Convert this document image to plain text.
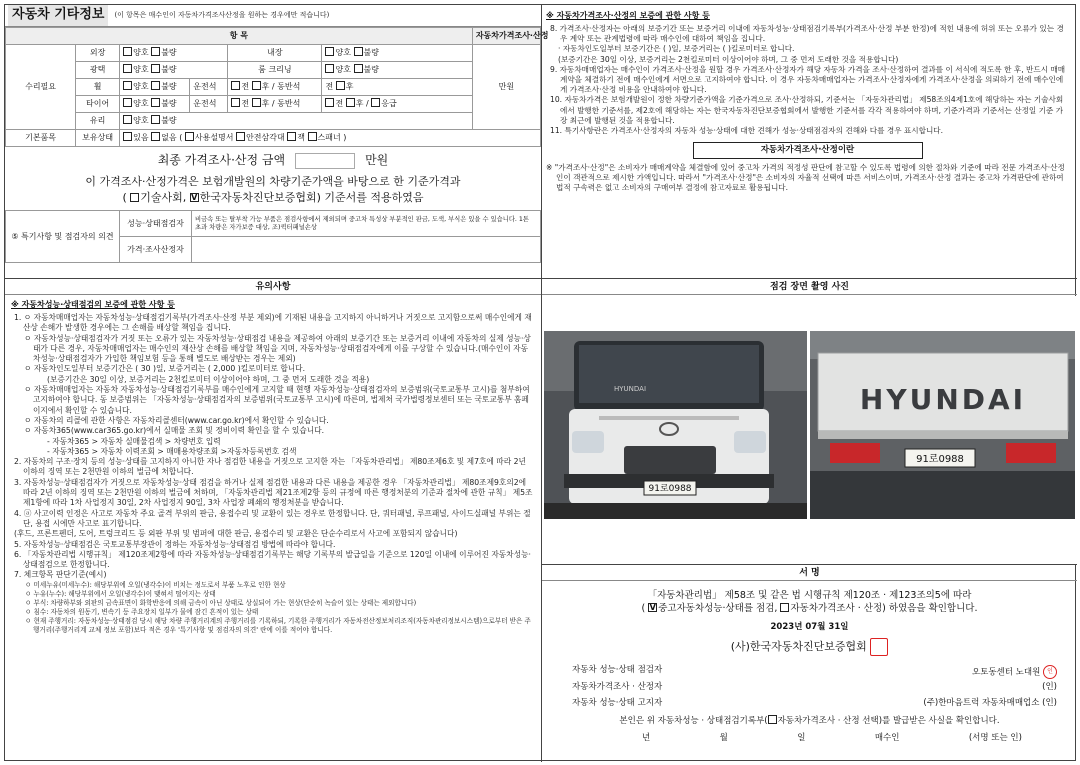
자동차 기타정보	(이 항목은 매수인이 자동차가격조사산정을 원하는 경우에만 적습니다)
항 목						자동차가격조사·산정
수리필요	외장	양호 불량		내장	양호 불량	만원
	광택	양호 불량		룸 크리닝	양호 불량	
	휠	양호 불량	운전석	전 후 / 동반석	전 후	
	타이어	양호 불량	운전석	전 후 / 동반석	전 후 / 응급	
	유리	양호 불량				
기본품목	보유상태	있음 없음 ( 사용설명서 안전삼각대 잭 스패너 )				
최종 가격조사·산정 금액	만원
이 가격조사·산정가격은 보험개발원의 차량기준가액을 바탕으로 한 기준가격과
( 기술사회, V 한국자동차진단보증협회) 기준서를 적용하였음
⑤ 특기사항 및 점검자의 의견	성능·상태점검자	비금속 또는 탈부착 가능 부품은 점검사항에서 제외되며 중고차 특성상 부분적인 판금, 도색, 부식은 있을 수 있습니다. 1톤 초과 차량은 자가보증 대상, 조)퀵터패널손상
	가격·조사산정자	
※ 자동차가격조사·산정의 보증에 관한 사항 등
8. 가격조사·산정자는 아래의 보증기간 또는 보증거리 이내에 자동차성능·상태점검기록부(가격조사·산정 부분 한정)에 적힌 내용에 허위 또는 오류가 있는 경우 계약 또는 관계법령에 따라 매수인에 대하여 책임을 집니다.
· 자동차인도일부터 보증기간은 ( )일, 보증거리는 ( )킬로미터로 합니다.
(보증기간은 30일 이상, 보증거리는 2천킬로미터 이상이어야 하며, 그 중 먼저 도래한 것을 적용합니다)
9. 자동차매매업자는 매수인이 가격조사·산정을 원할 경우 가격조사·산정자가 해당 자동차 가격을 조사·산정하여 결과를 이 서식에 적도록 한 후, 반드시 매매계약을 체결하기 전에 매수인에게 서면으로 고지하여야 합니다. 이 경우 자동차매매업자는 가격조사·산정자에게 가격조사·산정을 의뢰하기 전에 매수인에게 가격조사·산정 비용을 안내하여야 합니다.
10. 자동차가격은 보험개발원이 정한 차량기준가액을 기준가격으로 조사·산정하되, 기준서는 「자동차관리법」 제58조의4제1호에 해당하는 자는 기술사회에서 발행한 기준서를, 제2호에 해당하는 자는 한국자동차진단보증협회에서 발행한 기준서를 각각 적용하여야 하며, 기준가격과 기준서는 산정일 기준 가장 최근에 발행된 것을 적용합니다.
11. 특기사항란은 가격조사·산정자의 자동차 성능·상태에 대한 견해가 성능·상태점검자의 견해와 다를 경우 표시합니다.
자동차가격조사·산정이란
※ "가격조사·산정"은 소비자가 매매계약을 체결함에 있어 중고차 가격의 적정성 판단에 참고할 수 있도록 법령에 의한 절차와 기준에 따라 전문 가격조사·산정인이 객관적으로 제시한 가액입니다. 따라서 "가격조사·산정"은 소비자의 자율적 선택에 따른 서비스이며, 가격조사·산정 결과는 중고차 가격판단에 관하여 법적 구속력은 없고 소비자의 구매여부 결정에 참고자료로 활용됩니다.
유의사항
※ 자동차성능·상태점검의 보증에 관한 사항 등
1. ㅇ 자동차매매업자는 자동차성능·상태점검기록부(가격조사·산정 부분 제외)에 기재된 내용을 고지하지 아니하거나 거짓으로 고지함으로써 매수인에게 재산상 손해가 발생한 경우에는 그 손해를 배상할 책임을 집니다.
ㅇ 자동차성능·상태점검자가 거짓 또는 오류가 있는 자동차성능·상태점검 내용을 제공하여 아래의 보증기간 또는 보증거리 이내에 자동차의 실제 성능·상태가 다른 경우, 자동차매매업자는 매수인의 재산상 손해를 배상할 책임을 지며, 자동차성능·상태점검자에게 이를 구상할 수 있습니다.(매수인이 자동차성능·상태점검자가 가입한 책임보험 등을 통해 별도로 배상받는 경우는 제외)
ㅇ 자동차인도일부터 보증기간은 ( 30 )일, 보증거리는 ( 2,000 )킬로미터로 합니다.
(보증기간은 30일 이상, 보증거리는 2천킬로미터 이상이어야 하며, 그 중 먼저 도래한 것을 적용)
ㅇ 자동차매매업자는 자동차 자동차성능·상태점검기록부를 매수인에게 고지할 때 현행 자동차성능·상태점검자의 보증범위(국토교통부 고시)를 첨부하여 고지하여야 합니다. 동 보증범위는 「자동차성능·상태점검자의 보증범위(국토교통부 고시)에 따른며, 법제처 국가법령정보센터 또는 국토교통부 홈페이지에서 확인할 수 있습니다.
ㅇ 자동차의 리콜에 관한 사항은 자동차리콜센터(www.car.go.kr)에서 확인할 수 있습니다.
ㅇ 자동차365(www.car365.go.kr)에서 실매물 조회 및 정비이력 확인을 할 수 있습니다.
- 자동차365 > 자동차 실매물검색 > 차량번호 입력
- 자동차365 > 자동차 이력조회 > 매매용차량조회 >자동차등록번호 검색
2. 자동차의 구조·장치 등의 성능·상태를 고지하지 아니한 자나 점검한 내용을 거짓으로 고지한 자는 「자동차관리법」 제80조제6호 및 제7호에 따라 2년 이하의 징역 또는 2천만원 이하의 벌금에 처합니다.
3. 자동차성능·상태점검자가 거짓으로 자동차성능·상태 점검을 하거나 실제 점검한 내용과 다른 내용을 제공한 경우 「자동차관리법」 제80조제9호의2에 따라 2년 이하의 징역 또는 2천만원 이하의 벌금에 처하며, 「자동차관리법 제21조제2항 등의 규정에 따른 행정처분의 기준과 절차에 관한 규칙」 제5조제1항에 따라 1차 사업정지 30일, 2차 사업정지 90일, 3차 사업장 폐쇄의 행정처분을 받습니다.
4. ⓐ 사고이력 인정은 사고로 자동차 주요 골격 부위의 판금, 용접수리 및 교환이 있는 경우로 한정합니다. 단, 쿼터패널, 루프패널, 사이드실패널 부위는 절단, 용접 시에만 사고로 표기합니다.
(후드, 프론트펜더, 도어, 트렁크리드 등 외판 부위 및 범퍼에 대한 판금, 용접수리 및 교환은 단순수리로서 사고에 포함되지 않습니다)
5. 자동차성능·상태점검은 국토교통부장관이 정하는 자동차성능·상태점검 방법에 따라야 합니다.
6. 「자동차관리법 시행규칙」 제120조제2항에 따라 자동차성능·상태점검기록부는 해당 기록부의 발급일을 기준으로 120일 이내에 이루어진 자동차성능·상태점검으로 한정합니다.
7. 체크항목 판단기준(예시)
ㅇ 미세누유(미세누수): 해당부위에 오일(냉각수)이 비치는 정도로서 부품 노후로 인한 현상
ㅇ 누유(누수): 해당부위에서 오일(냉각수)이 맺혀서 떨어지는 상태
ㅇ 부식: 차량하부와 외판의 금속표면이 화학반응에 의해 금속이 아닌 상태로 상실되어 가는 현상(단순히 녹슬어 있는 상태는 제외합니다)
ㅇ 침수: 자동차의 원동기, 변속기 등 주요장치 일부가 물에 잠긴 흔적이 있는 상태
ㅇ 현재 주행거리: 자동차성능·상태점검 당시 해당 차량 주행거리계의 주행거리를 기록하되, 기록한 주행거리가 자동차전산정보처리조직(자동차관리정보시스템)으로부터 받은 주행거리(주행거리계 교체 정보 포함)보다 적은 경우 '특기사항 및 점검자의 의견' 란에 이를 적어야 합니다.
점검 장면 촬영 사진
91로0988
HYUNDAI	HYUNDAI
91로0988
서 명
「자동차관리법」 제58조 및 같은 법 시행규칙 제120조 · 제123조의5에 따라
( V 중고자동차성능·상태를 점검, 자동차가격조사 · 산정) 하였음을 확인합니다.
2023년 07월 31일
(사)한국자동차진단보증협회
자동차 성능·상태 점검자	오토동센터 노대원 인
자동차가격조사 · 산정자	(인)
자동차 성능·상태 고지자	(주)한마음트럭 자동차매매업소 (인)
본인은 위 자동차성능 · 상태점검기록부( 자동차가격조사 · 산정 선택)를 발급받은 사실을 확인합니다.
년	월	일	매수인	(서명 또는 인)
